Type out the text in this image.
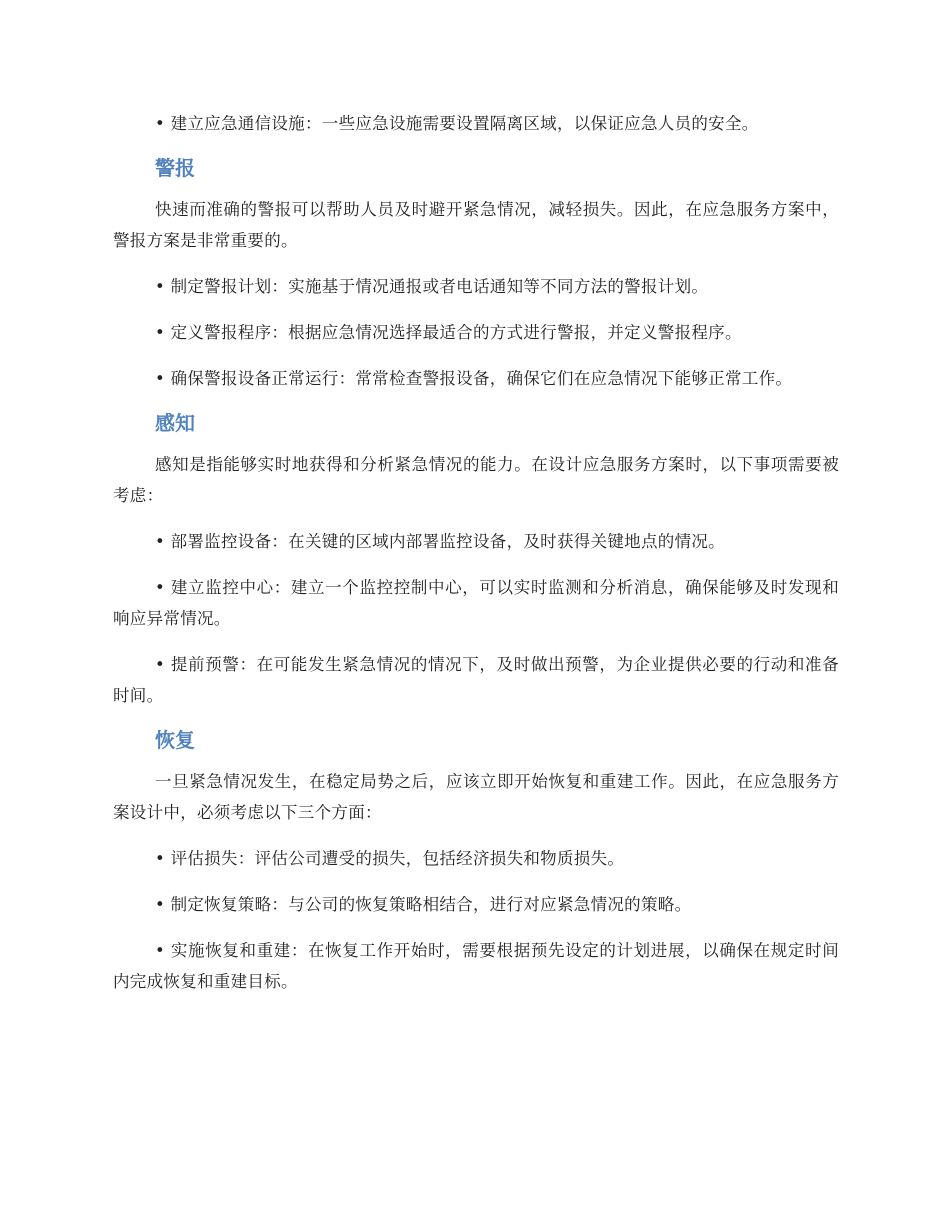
• 建立应急通信设施：一些应急设施需要设置隔离区域，以保证应急人员的安全。

警报

快速而准确的警报可以帮助人员及时避开紧急情况，减轻损失。因此，在应急服务方案中，警报方案是非常重要的。

• 制定警报计划：实施基于情况通报或者电话通知等不同方法的警报计划。

• 定义警报程序：根据应急情况选择最适合的方式进行警报，并定义警报程序。

• 确保警报设备正常运行：常常检查警报设备，确保它们在应急情况下能够正常工作。

感知

感知是指能够实时地获得和分析紧急情况的能力。在设计应急服务方案时，以下事项需要被考虑：

• 部署监控设备：在关键的区域内部署监控设备，及时获得关键地点的情况。

• 建立监控中心：建立一个监控控制中心，可以实时监测和分析消息，确保能够及时发现和响应异常情况。

• 提前预警：在可能发生紧急情况的情况下，及时做出预警，为企业提供必要的行动和准备时间。

恢复

一旦紧急情况发生，在稳定局势之后，应该立即开始恢复和重建工作。因此，在应急服务方案设计中，必须考虑以下三个方面：

• 评估损失：评估公司遭受的损失，包括经济损失和物质损失。

• 制定恢复策略：与公司的恢复策略相结合，进行对应紧急情况的策略。

• 实施恢复和重建：在恢复工作开始时，需要根据预先设定的计划进展，以确保在规定时间内完成恢复和重建目标。
